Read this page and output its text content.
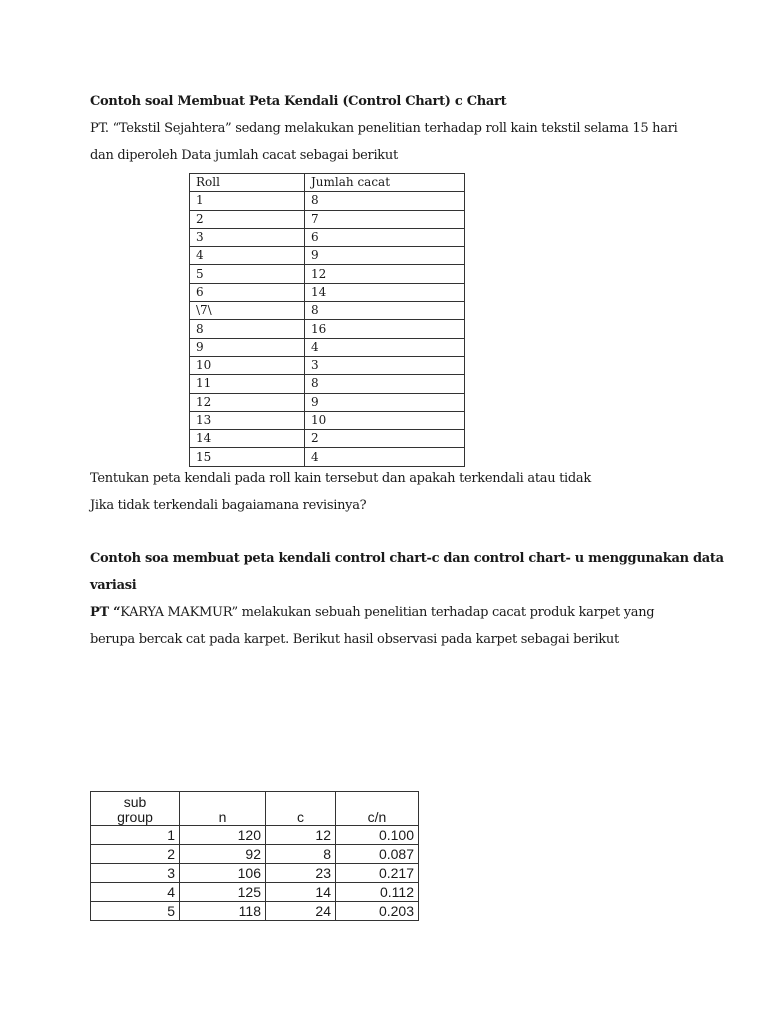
Contoh soal Membuat Peta Kendali (Control Chart) c Chart
PT. “Tekstil Sejahtera” sedang melakukan penelitian terhadap roll kain tekstil selama 15 hari
dan diperoleh Data jumlah cacat sebagai berikut
Roll	Jumlah cacat
1	8
2	7
3	6
4	9
5	12
6	14
\7\	8
8	16
9	4
10	3
11	8
12	9
13	10
14	2
15	4
Tentukan peta kendali pada roll kain tersebut dan apakah terkendali atau tidak
Jika tidak terkendali bagaiamana revisinya?
Contoh soa membuat peta kendali control chart-c dan control chart- u menggunakan data
variasi
PT “KARYA MAKMUR” melakukan sebuah penelitian terhadap cacat produk karpet yang
berupa bercak cat pada karpet. Berikut hasil observasi pada karpet sebagai berikut
sub
group	n	c	c/n
1	120	12	0.100
2	92	8	0.087
3	106	23	0.217
4	125	14	0.112
5	118	24	0.203
